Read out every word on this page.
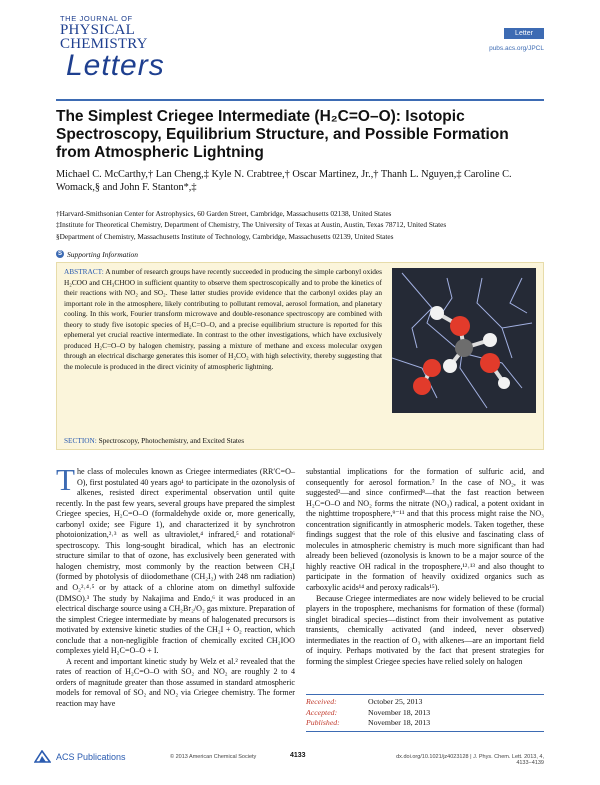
THE JOURNAL OF
PHYSICAL CHEMISTRY
Letters
Letter
pubs.acs.org/JPCL
The Simplest Criegee Intermediate (H₂C=O–O): Isotopic Spectroscopy, Equilibrium Structure, and Possible Formation from Atmospheric Lightning
Michael C. McCarthy,† Lan Cheng,‡ Kyle N. Crabtree,† Oscar Martinez, Jr.,† Thanh L. Nguyen,‡ Caroline C. Womack,§ and John F. Stanton*,‡
†Harvard-Smithsonian Center for Astrophysics, 60 Garden Street, Cambridge, Massachusetts 02138, United States
‡Institute for Theoretical Chemistry, Department of Chemistry, The University of Texas at Austin, Austin, Texas 78712, United States
§Department of Chemistry, Massachusetts Institute of Technology, Cambridge, Massachusetts 02139, United States
S Supporting Information
ABSTRACT: A number of research groups have recently succeeded in producing the simple carbonyl oxides H₂COO and CH₃CHOO in sufficient quantity to observe them spectroscopically and to probe the kinetics of their reactions with NO₂ and SO₂. These latter studies provide evidence that the carbonyl oxides play an important role in the atmosphere, likely contributing to pollutant removal, aerosol formation, and planetary cooling. In this work, Fourier transform microwave and double-resonance spectroscopy are combined with theory to study five isotopic species of H₂C=O–O, and a precise equilibrium structure is reported for this ephemeral yet crucial reactive intermediate. In contrast to the other investigations, which have exclusively produced H₂C=O–O by halogen chemistry, passing a mixture of methane and excess molecular oxygen through an electrical discharge generates this isomer of H₂CO₂ with high selectivity, thereby suggesting that the molecule is produced in the direct vicinity of atmospheric lightning.
SECTION: Spectroscopy, Photochemistry, and Excited States

The class of molecules known as Criegee intermediates (RR′C=O–O), first postulated 40 years ago¹ to participate in the ozonolysis of alkenes, resisted direct experimental observation until quite recently. In the past few years, several groups have prepared the simplest Criegee species, H₂C=O–O (formaldehyde oxide or, more generically, carbonyl oxide; see Figure 1), and characterized it by synchrotron photoionization,²˒³ as well as ultraviolet,⁴ infrared,⁵ and rotational⁶ spectroscopy. This long-sought biradical, which has an electronic structure similar to that of ozone, has exclusively been generated with halogen chemistry, most commonly by the reaction between CH₂I (formed by photolysis of diiodomethane (CH₂I₂) with 248 nm radiation) and O₂²˒⁴˒⁵ or by attack of a chlorine atom on dimethyl sulfoxide (DMSO).³ The study by Nakajima and Endo,⁶ it was produced in an electrical discharge source using a CH₂Br₂/O₂ gas mixture. Preparation of the simplest Criegee intermediate by means of halogenated precursors is motivated by extensive kinetic studies of the CH₂I + O₂ reaction, which conclude that a non-negligible fraction of chemically excited CH₂IOO complexes yield H₂C=O–O + I.

A recent and important kinetic study by Welz et al.² revealed that the rates of reaction of H₂C=O–O with SO₂ and NO₂ are roughly 2 to 4 orders of magnitude greater than those assumed in standard atmospheric models for removal of SO₂ and NO₂ via Criegee chemistry. The former reaction may have

substantial implications for the formation of sulfuric acid, and consequently for aerosol formation.⁷ In the case of NO₂, it was suggested²—and since confirmed⁸—that the fast reaction between H₂C=O–O and NO₂ forms the nitrate (NO₃) radical, a potent oxidant in the nighttime troposphere,⁹⁻¹¹ and that this process might raise the NO₃ concentration significantly in atmospheric models. Taken together, these findings suggest that the role of this elusive and fascinating class of molecules in atmospheric chemistry is much more significant than had already been believed (ozonolysis is known to be a major source of the highly reactive OH radical in the troposphere,¹²˒¹³ and also thought to participate in the formation of heavily oxidized organics such as carboxylic acids¹⁴ and peroxy radicals¹⁵).

Because Criegee intermediates are now widely believed to be crucial players in the troposphere, mechanisms for formation of these (formal) singlet biradical species—distinct from their involvement as putative transients, chemically activated (and indeed, never observed) intermediates in the reaction of O₃ with alkenes—are an important field of inquiry. Perhaps motivated by the fact that present strategies for forming the simplest Criegee species have relied solely on halogen

Received:	October 25, 2013
Accepted:	November 18, 2013
Published:	November 18, 2013
ACS Publications	© 2013 American Chemical Society	4133	dx.doi.org/10.1021/jz4023128 | J. Phys. Chem. Lett. 2013, 4, 4133−4139
